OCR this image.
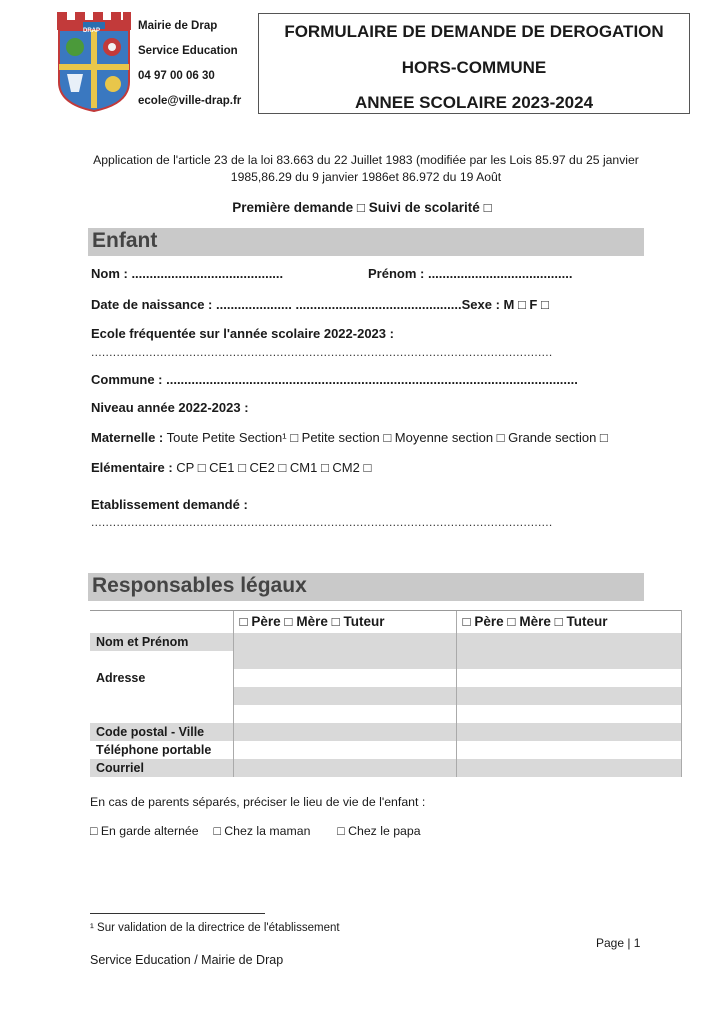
DRAP	Mairie de Drap
Service Education
04 97 00 06 30
ecole@ville-drap.fr
FORMULAIRE DE DEMANDE DE DEROGATION
HORS-COMMUNE
ANNEE SCOLAIRE 2023-2024
Application de l'article 23 de la loi 83.663 du 22 Juillet 1983 (modifiée par les Lois 85.97 du 25 janvier 1985,86.29 du 9 janvier 1986et 86.972 du 19 Août
Première demande □ Suivi de scolarité □
Enfant
Nom : ..........................................	Prénom : ........................................
Date de naissance : ..................... ..............................................Sexe : M □ F □
Ecole fréquentée sur l'année scolaire 2022-2023 :
...............................................................................................................................
Commune : ..................................................................................................................
Niveau année 2022-2023 :
Maternelle : Toute Petite Section¹ □ Petite section □ Moyenne section □ Grande section □
Elémentaire : CP □ CE1 □ CE2 □ CM1 □ CM2 □
Etablissement demandé :
...............................................................................................................................
Responsables légaux
	□ Père □ Mère □ Tuteur	□ Père □ Mère □ Tuteur
Nom et Prénom		

Adresse		

Code postal - Ville		
Téléphone portable		
Courriel		
En cas de parents séparés, préciser le lieu de vie de l'enfant :
□ En garde alternée □ Chez la maman □ Chez le papa
¹ Sur validation de la directrice de l'établissement
Page | 1
Service Education / Mairie de Drap
